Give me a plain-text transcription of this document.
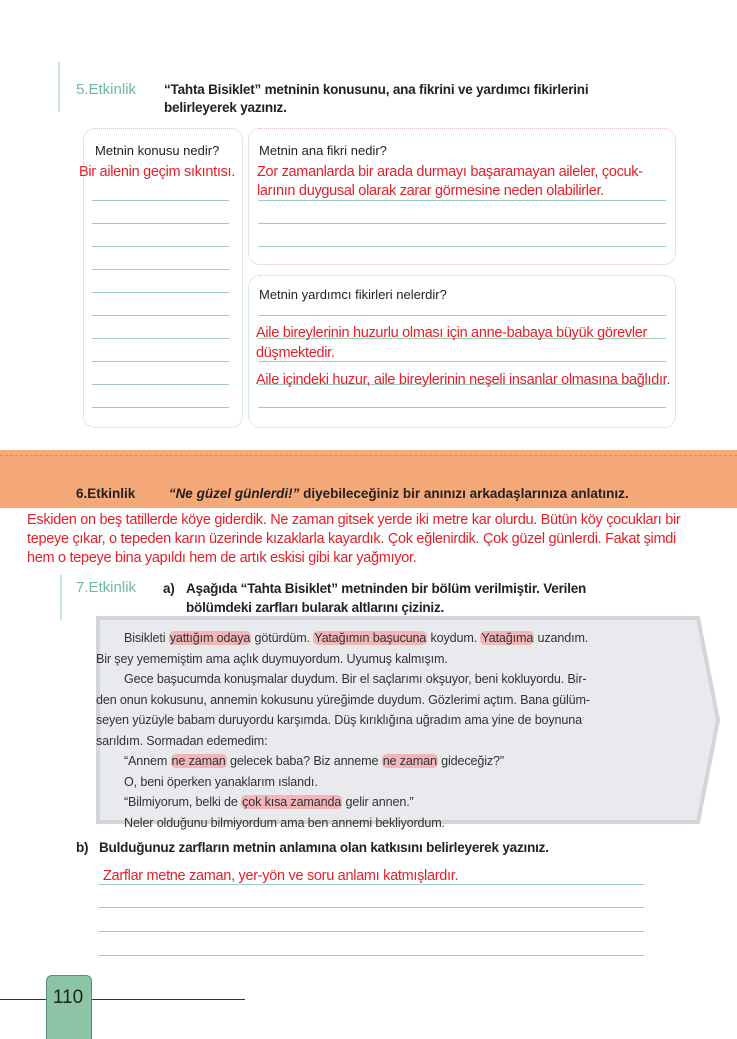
5.Etkinlik “Tahta Bisiklet” metninin konusunu, ana fikrini ve yardımcı fikirlerini
belirleyerek yazınız.
Metnin konusu nedir?	Metnin ana fikri nedir?
Bir ailenin geçim sıkıntısı. Zor zamanlarda bir arada durmayı başaramayan aileler, çocuk-
larının duygusal olarak zarar görmesine neden olabilirler.
Metnin yardımcı fikirleri nelerdir?
Aile bireylerinin huzurlu olması için anne-babaya büyük görevler
düşmektedir.
Aile içindeki huzur, aile bireylerinin neşeli insanlar olmasına bağlıdır.
6.Etkinlik “Ne güzel günlerdi!” diyebileceğiniz bir anınızı arkadaşlarınıza anlatınız.
Eskiden on beş tatillerde köye giderdik. Ne zaman gitsek yerde iki metre kar olurdu. Bütün köy çocukları bir
tepeye çıkar, o tepeden karın üzerinde kızaklarla kayardık. Çok eğlenirdik. Çok güzel günlerdi. Fakat şimdi
hem o tepeye bina yapıldı hem de artık eskisi gibi kar yağmıyor.
7.Etkinlik a) Aşağıda “Tahta Bisiklet” metninden bir bölüm verilmiştir. Verilen
bölümdeki zarfları bularak altlarını çiziniz.
Bisikleti yattığım odaya götürdüm. Yatağımın başucuna koydum. Yatağıma uzandım.
Bir şey yememiştim ama açlık duymuyordum. Uyumuş kalmışım.
Gece başucumda konuşmalar duydum. Bir el saçlarımı okşuyor, beni kokluyordu. Bir-
den onun kokusunu, annemin kokusunu yüreğimde duydum. Gözlerimi açtım. Bana gülüm-
seyen yüzüyle babam duruyordu karşımda. Düş kırıklığına uğradım ama yine de boynuna
sarıldım. Sormadan edemedim:
“Annem ne zaman gelecek baba? Biz anneme ne zaman gideceğiz?”
O, beni öperken yanaklarım ıslandı.
“Bilmiyorum, belki de çok kısa zamanda gelir annen.”
Neler olduğunu bilmiyordum ama ben annemi bekliyordum.
b) Bulduğunuz zarfların metnin anlamına olan katkısını belirleyerek yazınız.
Zarflar metne zaman, yer-yön ve soru anlamı katmışlardır.
110
